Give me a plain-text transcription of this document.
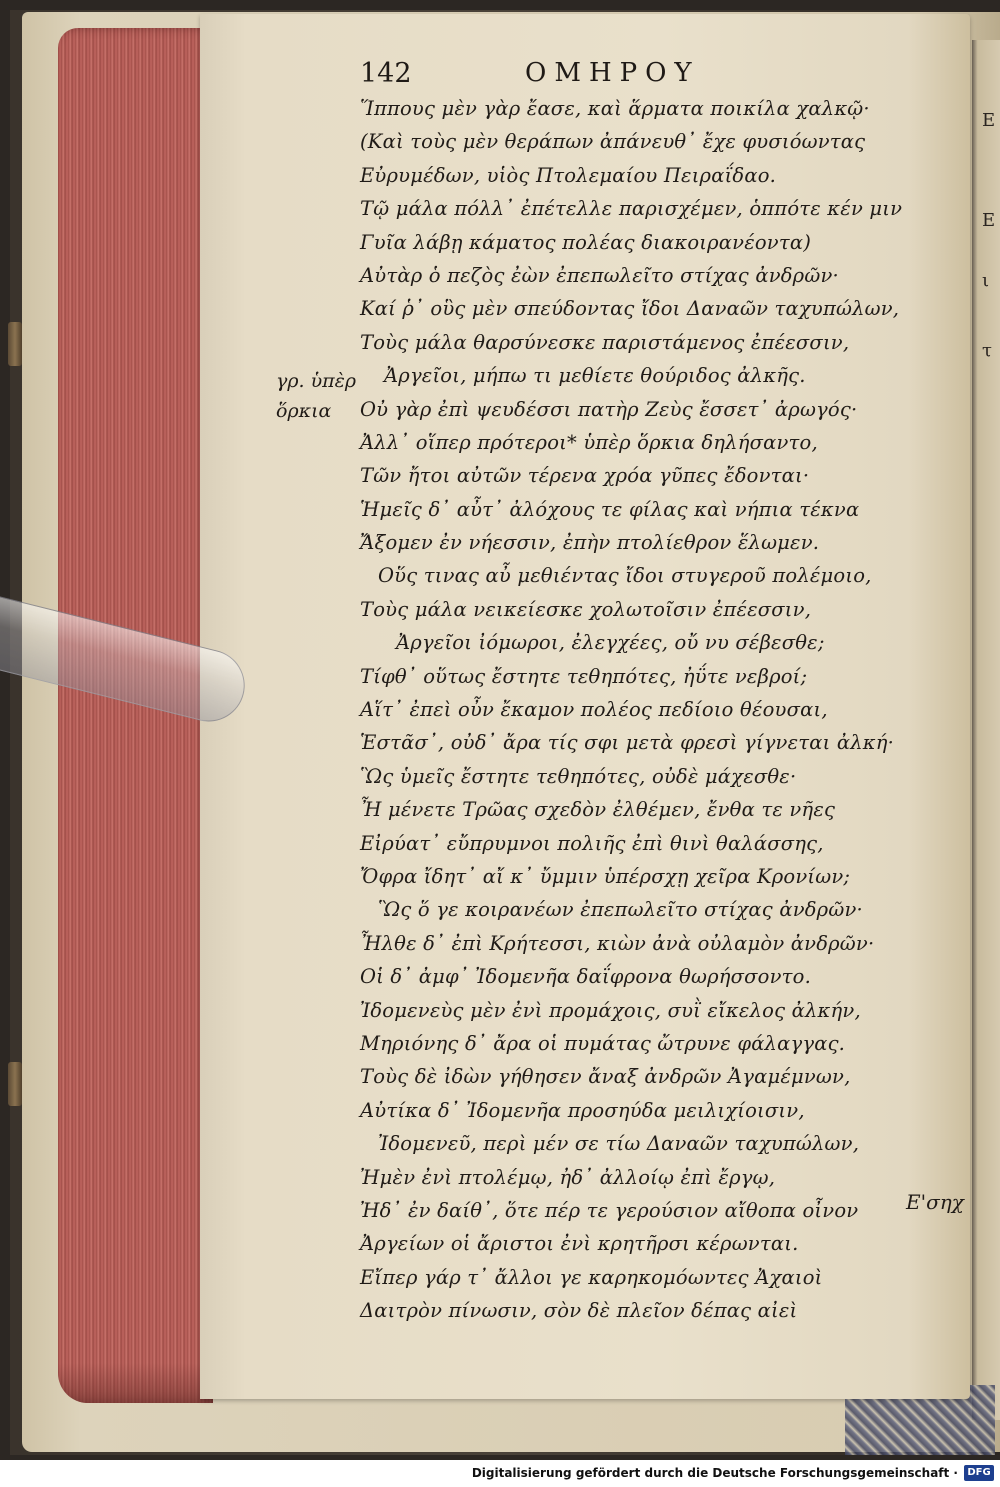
E
E
ι
τ
142	ΟΜΗΡΟΥ
γρ. ὑπὲρ
ὅρκια
Ἵππους μὲν γὰρ ἔασε, καὶ ἅρματα ποικίλα χαλκῷ·
(Καὶ τοὺς μὲν θεράπων ἀπάνευθ᾽ ἔχε φυσιόωντας
Εὐρυμέδων, υἱὸς Πτολεμαίου Πειραΐδαο.
Τῷ μάλα πόλλ᾽ ἐπέτελλε παρισχέμεν, ὁππότε κέν μιν
Γυῖα λάβῃ κάματος πολέας διακοιρανέοντα)
Αὐτὰρ ὁ πεζὸς ἐὼν ἐπεπωλεῖτο στίχας ἀνδρῶν·
Καί ῥ᾽ οὓς μὲν σπεύδοντας ἴδοι Δαναῶν ταχυπώλων,
Τοὺς μάλα θαρσύνεσκε παριστάμενος ἐπέεσσιν,
Ἀργεῖοι, μήπω τι μεθίετε θούριδος ἀλκῆς.
Οὐ γὰρ ἐπὶ ψευδέσσι πατὴρ Ζεὺς ἔσσετ᾽ ἀρωγός·
Ἀλλ᾽ οἵπερ πρότεροι* ὑπὲρ ὅρκια δηλήσαντο,
Τῶν ἤτοι αὐτῶν τέρενα χρόα γῦπες ἔδονται·
Ἡμεῖς δ᾽ αὖτ᾽ ἀλόχους τε φίλας καὶ νήπια τέκνα
Ἄξομεν ἐν νήεσσιν, ἐπὴν πτολίεθρον ἕλωμεν.
Οὕς τινας αὖ μεθιέντας ἴδοι στυγεροῦ πολέμοιο,
Τοὺς μάλα νεικείεσκε χολωτοῖσιν ἐπέεσσιν,
Ἀργεῖοι ἰόμωροι, ἐλεγχέες, οὔ νυ σέβεσθε;
Τίφθ᾽ οὕτως ἔστητε τεθηπότες, ἠΰτε νεβροί;
Αἵτ᾽ ἐπεὶ οὖν ἔκαμον πολέος πεδίοιο θέουσαι,
Ἑστᾶσ᾽, οὐδ᾽ ἄρα τίς σφι μετὰ φρεσὶ γίγνεται ἀλκή·
Ὣς ὑμεῖς ἔστητε τεθηπότες, οὐδὲ μάχεσθε·
Ἦ μένετε Τρῶας σχεδὸν ἐλθέμεν, ἔνθα τε νῆες
Εἰρύατ᾽ εὔπρυμνοι πολιῆς ἐπὶ θινὶ θαλάσσης,
Ὄφρα ἴδητ᾽ αἴ κ᾽ ὔμμιν ὑπέρσχῃ χεῖρα Κρονίων;
Ὣς ὅ γε κοιρανέων ἐπεπωλεῖτο στίχας ἀνδρῶν·
Ἦλθε δ᾽ ἐπὶ Κρήτεσσι, κιὼν ἀνὰ οὐλαμὸν ἀνδρῶν·
Οἱ δ᾽ ἀμφ᾽ Ἰδομενῆα δαΐφρονα θωρήσσοντο.
Ἰδομενεὺς μὲν ἐνὶ προμάχοις, συῒ εἴκελος ἀλκήν,
Μηριόνης δ᾽ ἄρα οἱ πυμάτας ὤτρυνε φάλαγγας.
Τοὺς δὲ ἰδὼν γήθησεν ἄναξ ἀνδρῶν Ἀγαμέμνων,
Αὐτίκα δ᾽ Ἰδομενῆα προσηύδα μειλιχίοισιν,
Ἰδομενεῦ, περὶ μέν σε τίω Δαναῶν ταχυπώλων,
Ἠμὲν ἐνὶ πτολέμῳ, ἠδ᾽ ἀλλοίῳ ἐπὶ ἔργῳ,
Ἠδ᾽ ἐν δαίθ᾽, ὅτε πέρ τε γερούσιον αἴθοπα οἶνον
Ἀργείων οἱ ἄριστοι ἐνὶ κρητῆρσι κέρωνται.
Εἴπερ γάρ τ᾽ ἄλλοι γε καρηκομόωντες Ἀχαιοὶ
Δαιτρὸν πίνωσιν, σὸν δὲ πλεῖον δέπας αἰεὶ
Ε'σηχ
Digitalisierung gefördert durch die Deutsche Forschungsgemeinschaft · DFG
